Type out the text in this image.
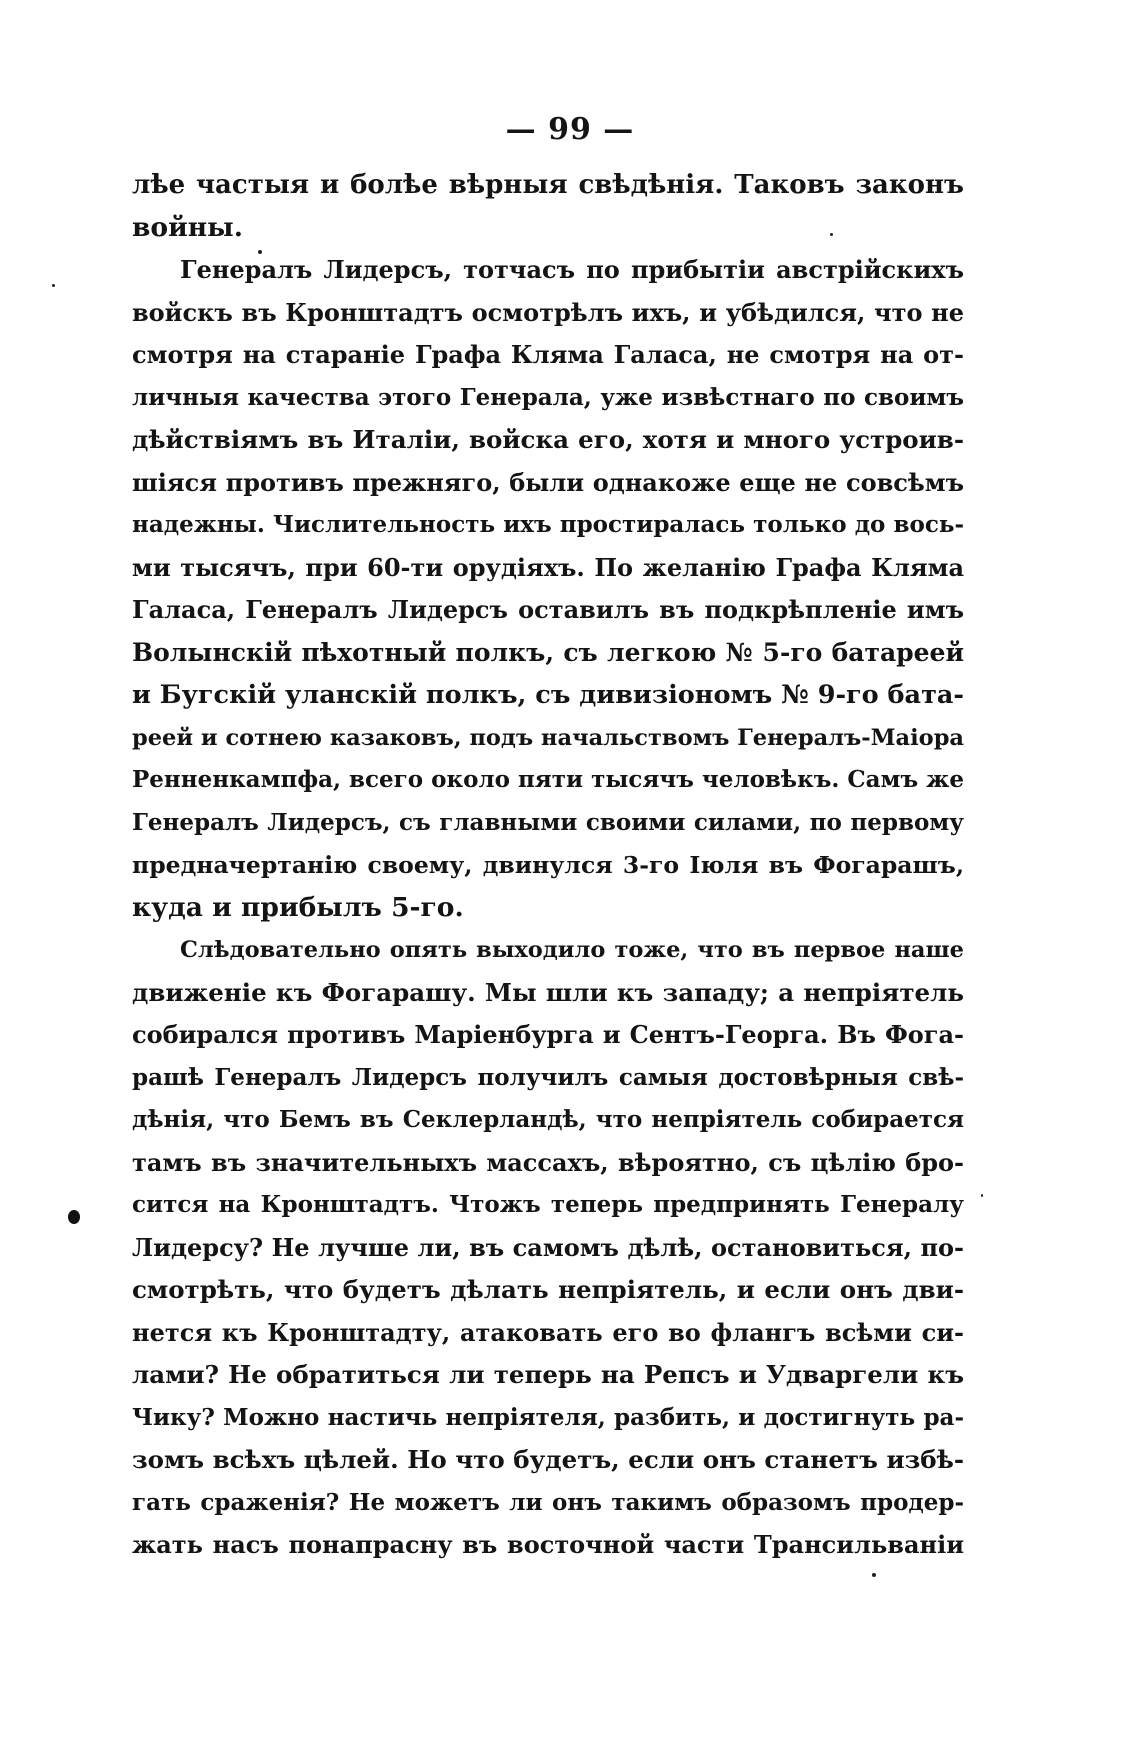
— 99 —
лѣе частыя и болѣе вѣрныя свѣдѣнія. Таковъ законъ
войны.
Генералъ Лидерсъ, тотчасъ по прибытіи австрійскихъ
войскъ въ Кронштадтъ осмотрѣлъ ихъ, и убѣдился, что не
смотря на стараніе Графа Кляма Галаса, не смотря на от-
личныя качества этого Генерала, уже извѣстнаго по своимъ
дѣйствіямъ въ Италіи, войска его, хотя и много устроив-
шіяся противъ прежняго, были однакоже еще не совсѣмъ
надежны. Числительность ихъ простиралась только до вось-
ми тысячъ, при 60-ти орудіяхъ. По желанію Графа Кляма
Галаса, Генералъ Лидерсъ оставилъ въ подкрѣпленіе имъ
Волынскій пѣхотный полкъ, съ легкою № 5-го батареей
и Бугскій уланскій полкъ, съ дивизіономъ № 9-го бата-
реей и сотнею казаковъ, подъ начальствомъ Генералъ-Маіора
Ренненкампфа, всего около пяти тысячъ человѣкъ. Самъ же
Генералъ Лидерсъ, съ главными своими силами, по первому
предначертанію своему, двинулся 3-го Іюля въ Фогарашъ,
куда и прибылъ 5-го.
Слѣдовательно опять выходило тоже, что въ первое наше
движеніе къ Фогарашу. Мы шли къ западу; а непріятель
собирался противъ Маріенбурга и Сентъ-Георга. Въ Фога-
рашѣ Генералъ Лидерсъ получилъ самыя достовѣрныя свѣ-
дѣнія, что Бемъ въ Секлерландѣ, что непріятель собирается
тамъ въ значительныхъ массахъ, вѣроятно, съ цѣлію бро-
сится на Кронштадтъ. Чтожъ теперь предпринять Генералу
Лидерсу? Не лучше ли, въ самомъ дѣлѣ, остановиться, по-
смотрѣть, что будетъ дѣлать непріятель, и если онъ дви-
нется къ Кронштадту, атаковать его во флангъ всѣми си-
лами? Не обратиться ли теперь на Репсъ и Удваргели къ
Чику? Можно настичь непріятеля, разбить, и достигнуть ра-
зомъ всѣхъ цѣлей. Но что будетъ, если онъ станетъ избѣ-
гать сраженія? Не можетъ ли онъ такимъ образомъ продер-
жать насъ понапрасну въ восточной части Трансильваніи
